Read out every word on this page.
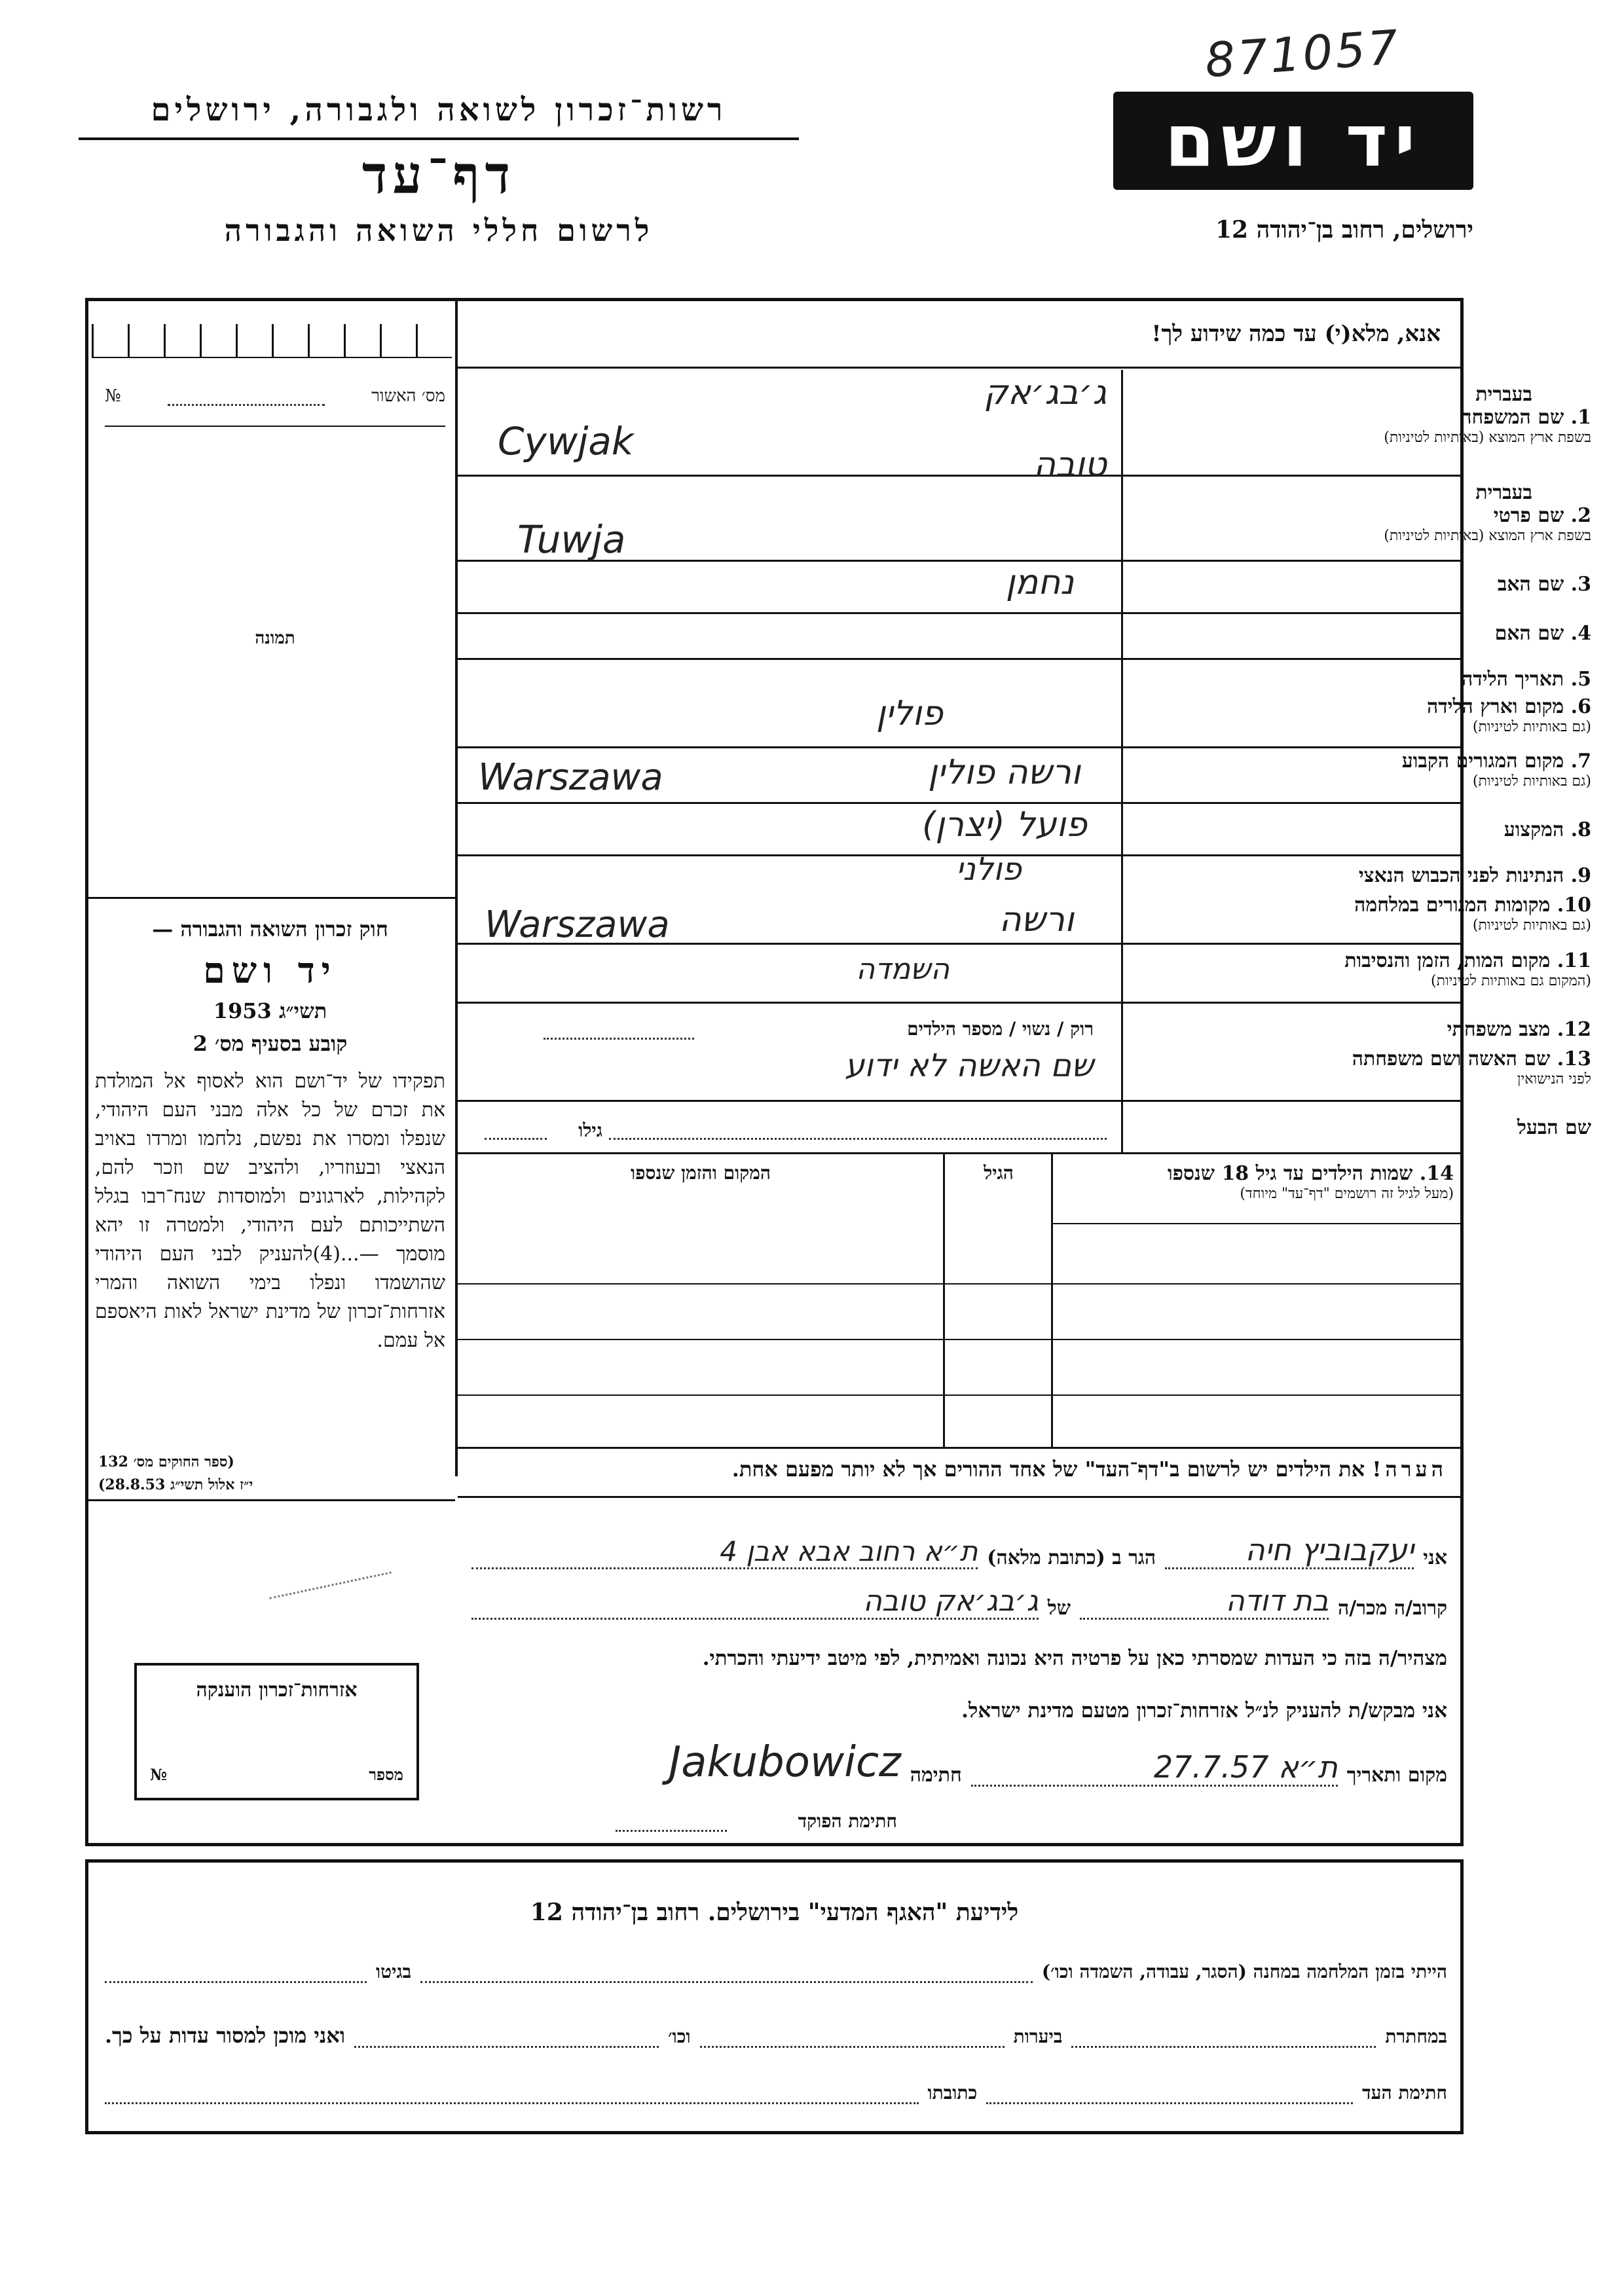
871057
רשות־זכרון לשואה ולגבורה, ירושלים
דף־עד
לרשום חללי השואה והגבורה
יד ושם
ירושלים, רחוב בן־יהודה 12
אנא, מלא(י) עד כמה שידוע לך!
מס׳ האשור
№
תמונה
חוק זכרון השואה והגבורה —
יד ושם
תשי״ג 1953
קובע בסעיף מס׳ 2
תפקידו של יד־ושם הוא לאסוף אל המולדת את זכרם של כל אלה מבני העם היהודי, שנפלו ומסרו את נפשם, נלחמו ומרדו באויב הנאצי ובעוזריו, ולהציב שם וזכר להם, לקהילות, לארגונים ולמוסדות שנח־רבו בגלל השתייכותם לעם היהודי, ולמטרה זו יהא מוסמך —...(4)להעניק לבני העם היהודי שהושמדו ונפלו בימי השואה והמרי אזרחות־זכרון של מדינת ישראל לאות היאספם אל עמם.
(ספר החוקים מס׳ 132
י״ז אלול תשי״ג 28.8.53)
אזרחות־זכרון הוענקה
מספר
№
בעברית
1. שם המשפחה
בשפת ארץ המוצא (באותיות לטיניות)
בעברית
2. שם פרטי
בשפת ארץ המוצא (באותיות לטיניות)
3. שם האב
4. שם האם
5. תאריך הלידה
6. מקום וארץ הלידה
(גם באותיות לטיניות)
7. מקום המגורים הקבוע
(גם באותיות לטיניות)
8. המקצוע
9. הנתינות לפני הכבוש הנאצי
10. מקומות המגורים במלחמה
(גם באותיות לטיניות)
11. מקום המות, הזמן והנסיבות
(המקום גם באותיות לטיניות)
12. מצב משפחתי
13. שם האשה ושם משפחתה
לפני הנישואין
שם הבעל
ג׳בג׳אק
Cywjak
טובה
Tuwja
נחמן
פולין
ורשה פולין
Warszawa
פועל (יצרן)
פולני
ורשה
Warszawa
השמדה
רוק / נשוי / מספר הילדים
שם האשה לא ידוע
גילו
14. שמות הילדים עד גיל 18 שנספו
(מעל לגיל זה רושמים "דף־עד" מיוחד)
הגיל
המקום והזמן שנספו
הערה! את הילדים יש לרשום ב"דף־העד" של אחד ההורים אך לא יותר מפעם אחת.
אני
יעקבוביץ חיה
הגר ב (כתובת מלאה)
ת״א רחוב אבא אבן 4
קרוב/ה מכר/ה
בת דודה
של
ג׳בג׳אק טובה
מצהיר/ה בזה כי העדות שמסרתי כאן על פרטיה היא נכונה ואמיתית, לפי מיטב ידיעתי והכרתי.
אני מבקש/ת להעניק לנ״ל אזרחות־זכרון מטעם מדינת ישראל.
מקום ותאריך
ת״א 27.7.57
חתימה
Jakubowicz
חתימת הפוקד
לידיעת "האגף המדעי" בירושלים. רחוב בן־יהודה 12
הייתי בזמן המלחמה במחנה (הסגר, עבודה, השמדה וכו׳)
בגיטו
במחתרת
ביערות
וכו׳
ואני מוכן למסור עדות על כך.
חתימת העד
כתובתו
